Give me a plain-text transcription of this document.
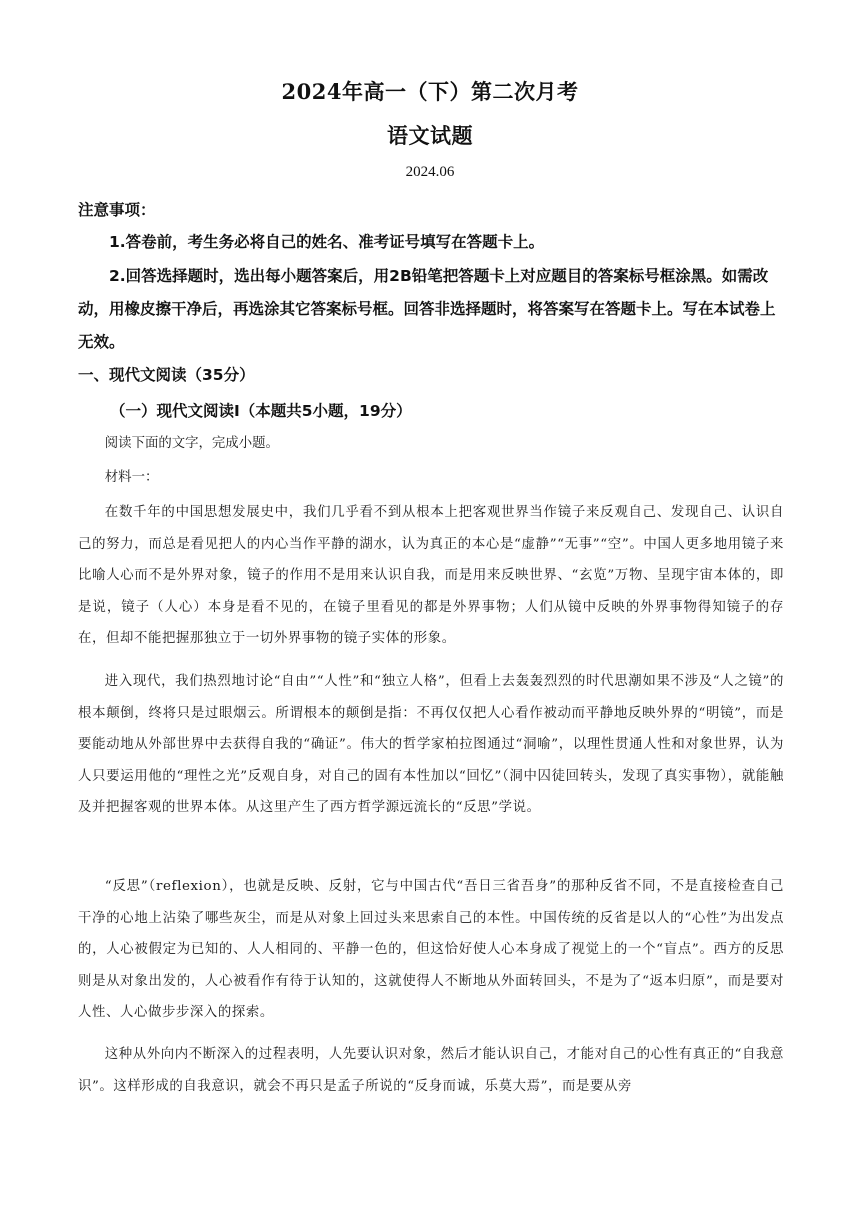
2024年高一（下）第二次月考
语文试题
2024.06
注意事项：
1.答卷前，考生务必将自己的姓名、准考证号填写在答题卡上。
2.回答选择题时，选出每小题答案后，用2B铅笔把答题卡上对应题目的答案标号框涂黑。如需改动，用橡皮擦干净后，再选涂其它答案标号框。回答非选择题时，将答案写在答题卡上。写在本试卷上无效。
一、现代文阅读（35分）
（一）现代文阅读Ⅰ（本题共5小题，19分）
阅读下面的文字，完成小题。
材料一：
在数千年的中国思想发展史中，我们几乎看不到从根本上把客观世界当作镜子来反观自己、发现自己、认识自己的努力，而总是看见把人的内心当作平静的湖水，认为真正的本心是“虚静”“无事”“空”。中国人更多地用镜子来比喻人心而不是外界对象，镜子的作用不是用来认识自我，而是用来反映世界、“玄览”万物、呈现宇宙本体的，即是说，镜子（人心）本身是看不见的，在镜子里看见的都是外界事物；人们从镜中反映的外界事物得知镜子的存在，但却不能把握那独立于一切外界事物的镜子实体的形象。
进入现代，我们热烈地讨论“自由”“人性”和“独立人格”，但看上去轰轰烈烈的时代思潮如果不涉及“人之镜”的根本颠倒，终将只是过眼烟云。所谓根本的颠倒是指：不再仅仅把人心看作被动而平静地反映外界的“明镜”，而是要能动地从外部世界中去获得自我的“确证”。伟大的哲学家柏拉图通过“洞喻”，以理性贯通人性和对象世界，认为人只要运用他的“理性之光”反观自身，对自己的固有本性加以“回忆”（洞中囚徒回转头，发现了真实事物），就能触及并把握客观的世界本体。从这里产生了西方哲学源远流长的“反思”学说。
“反思”（reflexion），也就是反映、反射，它与中国古代“吾日三省吾身”的那种反省不同，不是直接检查自己干净的心地上沾染了哪些灰尘，而是从对象上回过头来思索自己的本性。中国传统的反省是以人的“心性”为出发点的，人心被假定为已知的、人人相同的、平静一色的，但这恰好使人心本身成了视觉上的一个“盲点”。西方的反思则是从对象出发的，人心被看作有待于认知的，这就使得人不断地从外面转回头，不是为了“返本归原”，而是要对人性、人心做步步深入的探索。
这种从外向内不断深入的过程表明，人先要认识对象，然后才能认识自己，才能对自己的心性有真正的“自我意识”。这样形成的自我意识，就会不再只是孟子所说的“反身而诚，乐莫大焉”，而是要从旁
